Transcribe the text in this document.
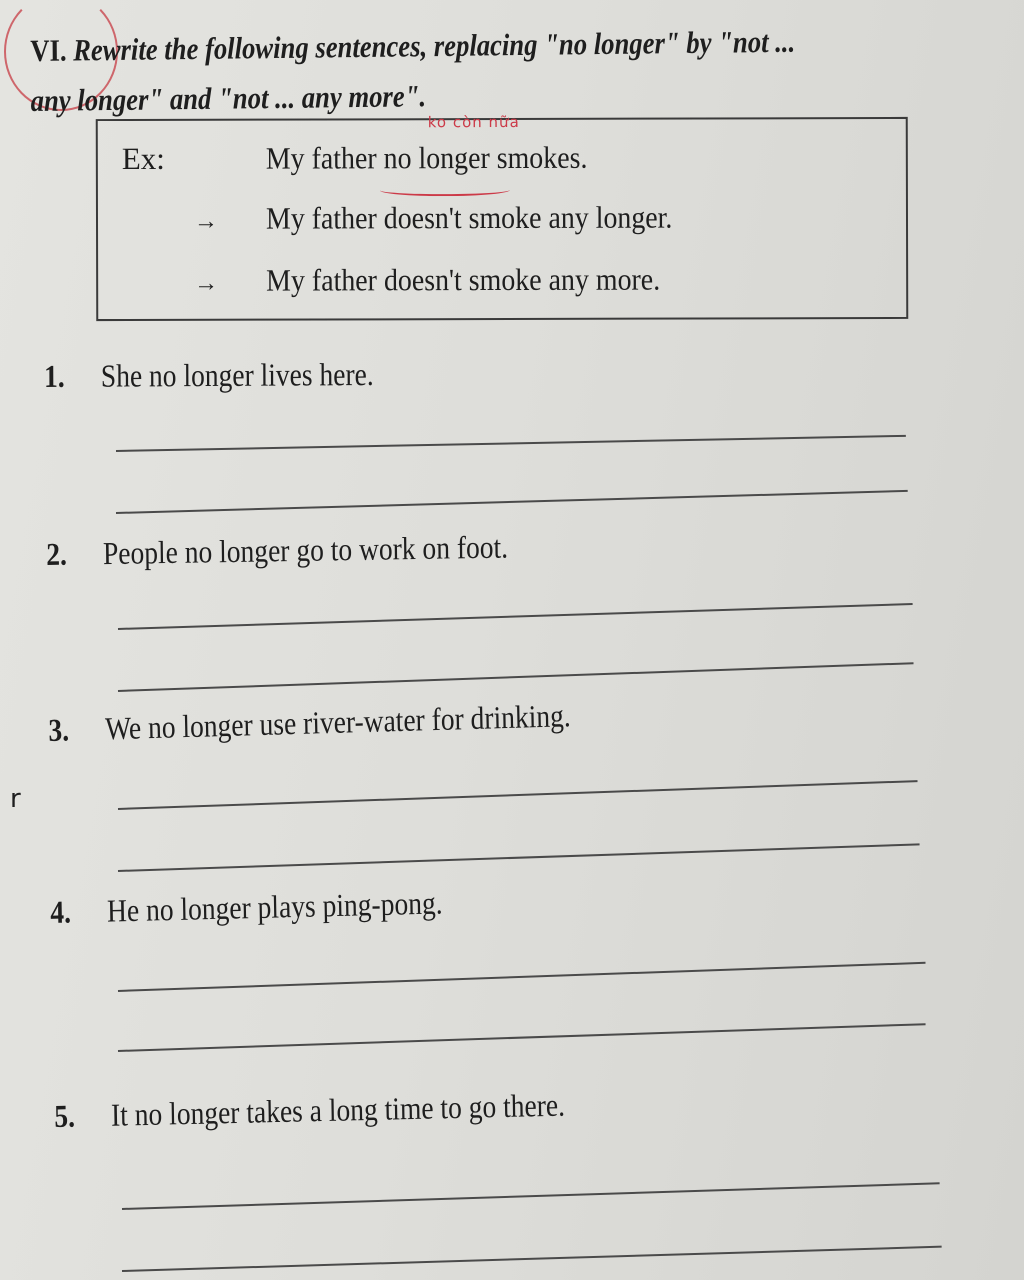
VI. Rewrite the following sentences, replacing "no longer" by "not ... any longer" and "not ... any more".
Ex:
ko còn nữa
My father no longer smokes.
→ My father doesn't smoke any longer.
→ My father doesn't smoke any more.
1. She no longer lives here.
2. People no longer go to work on foot.
3. We no longer use river-water for drinking.
r
4. He no longer plays ping-pong.
5. It no longer takes a long time to go there.
